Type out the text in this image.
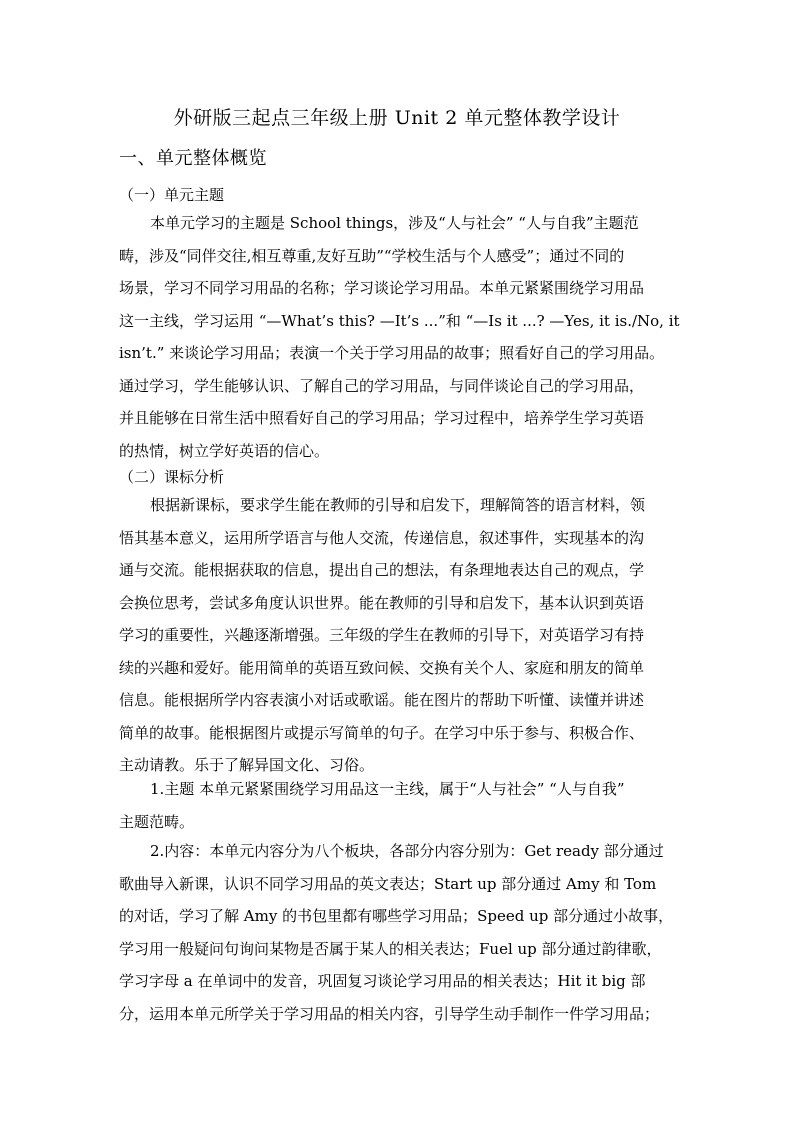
外研版三起点三年级上册 Unit 2 单元整体教学设计
一、单元整体概览
（一）单元主题
本单元学习的主题是 School things，涉及“人与社会” “人与自我”主题范
畴，涉及“同伴交往,相互尊重,友好互助”“学校生活与个人感受”；通过不同的
场景，学习不同学习用品的名称；学习谈论学习用品。本单元紧紧围绕学习用品
这一主线，学习运用 “—What’s this? —It’s ...”和 “—Is it ...? —Yes, it is./No, it
isn’t.” 来谈论学习用品；表演一个关于学习用品的故事；照看好自己的学习用品。
通过学习，学生能够认识、了解自己的学习用品，与同伴谈论自己的学习用品，
并且能够在日常生活中照看好自己的学习用品；学习过程中，培养学生学习英语
的热情，树立学好英语的信心。
（二）课标分析
根据新课标，要求学生能在教师的引导和启发下，理解简答的语言材料，领
悟其基本意义，运用所学语言与他人交流，传递信息，叙述事件，实现基本的沟
通与交流。能根据获取的信息，提出自己的想法，有条理地表达自己的观点，学
会换位思考，尝试多角度认识世界。能在教师的引导和启发下，基本认识到英语
学习的重要性，兴趣逐渐增强。三年级的学生在教师的引导下，对英语学习有持
续的兴趣和爱好。能用简单的英语互致问候、交换有关个人、家庭和朋友的简单
信息。能根据所学内容表演小对话或歌谣。能在图片的帮助下听懂、读懂并讲述
简单的故事。能根据图片或提示写简单的句子。在学习中乐于参与、积极合作、
主动请教。乐于了解异国文化、习俗。
1.主题 本单元紧紧围绕学习用品这一主线，属于“人与社会” “人与自我”
主题范畴。
2.内容：本单元内容分为八个板块，各部分内容分别为：Get ready 部分通过
歌曲导入新课，认识不同学习用品的英文表达；Start up 部分通过 Amy 和 Tom
的对话，学习了解 Amy 的书包里都有哪些学习用品；Speed up 部分通过小故事，
学习用一般疑问句询问某物是否属于某人的相关表达；Fuel up 部分通过韵律歌，
学习字母 a 在单词中的发音，巩固复习谈论学习用品的相关表达；Hit it big 部
分，运用本单元所学关于学习用品的相关内容，引导学生动手制作一件学习用品；
